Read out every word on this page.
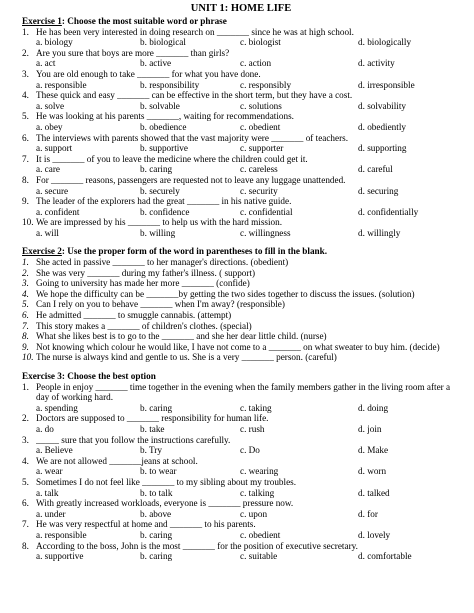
UNIT 1: HOME LIFE
Exercise 1: Choose the most suitable word or phrase
1. He has been very interested in doing research on _______ since he was at high school.
a. biology	b. biological	c. biologist	d. biologically
2. Are you sure that boys are more _______ than girls?
a. act	b. active	c. action	d. activity
3. You are old enough to take _______ for what you have done.
a. responsible	b. responsibility	c. responsibly	d. irresponsible
4. These quick and easy _______ can be effective in the short term, but they have a cost.
a. solve	b. solvable	c. solutions	d. solvability
5. He was looking at his parents _______, waiting for recommendations.
a. obey	b. obedience	c. obedient	d. obediently
6. The interviews with parents showed that the vast majority were _______ of teachers.
a. support	b. supportive	c. supporter	d. supporting
7. It is _______ of you to leave the medicine where the children could get it.
a. care	b. caring	c. careless	d. careful
8. For _______ reasons, passengers are requested not to leave any luggage unattended.
a. secure	b. securely	c. security	d. securing
9. The leader of the explorers had the great _______ in his native guide.
a. confident	b. confidence	c. confidential	d. confidentially
10. We are impressed by his _______ to help us with the hard mission.
a. will	b. willing	c. willingness	d. willingly
Exercise 2: Use the proper form of the word in parentheses to fill in the blank.
1. She acted in passive _______ to her manager's directions. (obedient)
2. She was very _______ during my father's illness. ( support)
3. Going to university has made her more _______ (confide)
4. We hope the difficulty can be _______by getting the two sides together to discuss the issues. (solution)
5. Can I rely on you to behave _______ when I'm away? (responsible)
6. He admitted _______ to smuggle cannabis. (attempt)
7. This story makes a _______ of children's clothes. (special)
8. What she likes best is to go to the _______ and she her dear little child. (nurse)
9. Not knowing which colour he would like, I have not come to a _______ on what sweater to buy him. (decide)
10. The nurse is always kind and gentle to us. She is a very _______ person. (careful)
Exercise 3: Choose the best option
1. People in enjoy _______ time together in the evening when the family members gather in the living room after a day of working hard.
a. spending	b. caring	c. taking	d. doing
2. Doctors are supposed to _______ responsibility for human life.
a. do	b. take	c. rush	d. join
3. _____ sure that you follow the instructions carefully.
a. Believe	b. Try	c. Do	d. Make
4. We are not allowed _______jeans at school.
a. wear	b. to wear	c. wearing	d. worn
5. Sometimes I do not feel like _______ to my sibling about my troubles.
a. talk	b. to talk	c. talking	d. talked
6. With greatly increased workloads, everyone is _______ pressure now.
a. under	b. above	c. upon	d. for
7. He was very respectful at home and _______ to his parents.
a. responsible	b. caring	c. obedient	d. lovely
8. According to the boss, John is the most _______ for the position of executive secretary.
a. supportive	b. caring	c. suitable	d. comfortable
